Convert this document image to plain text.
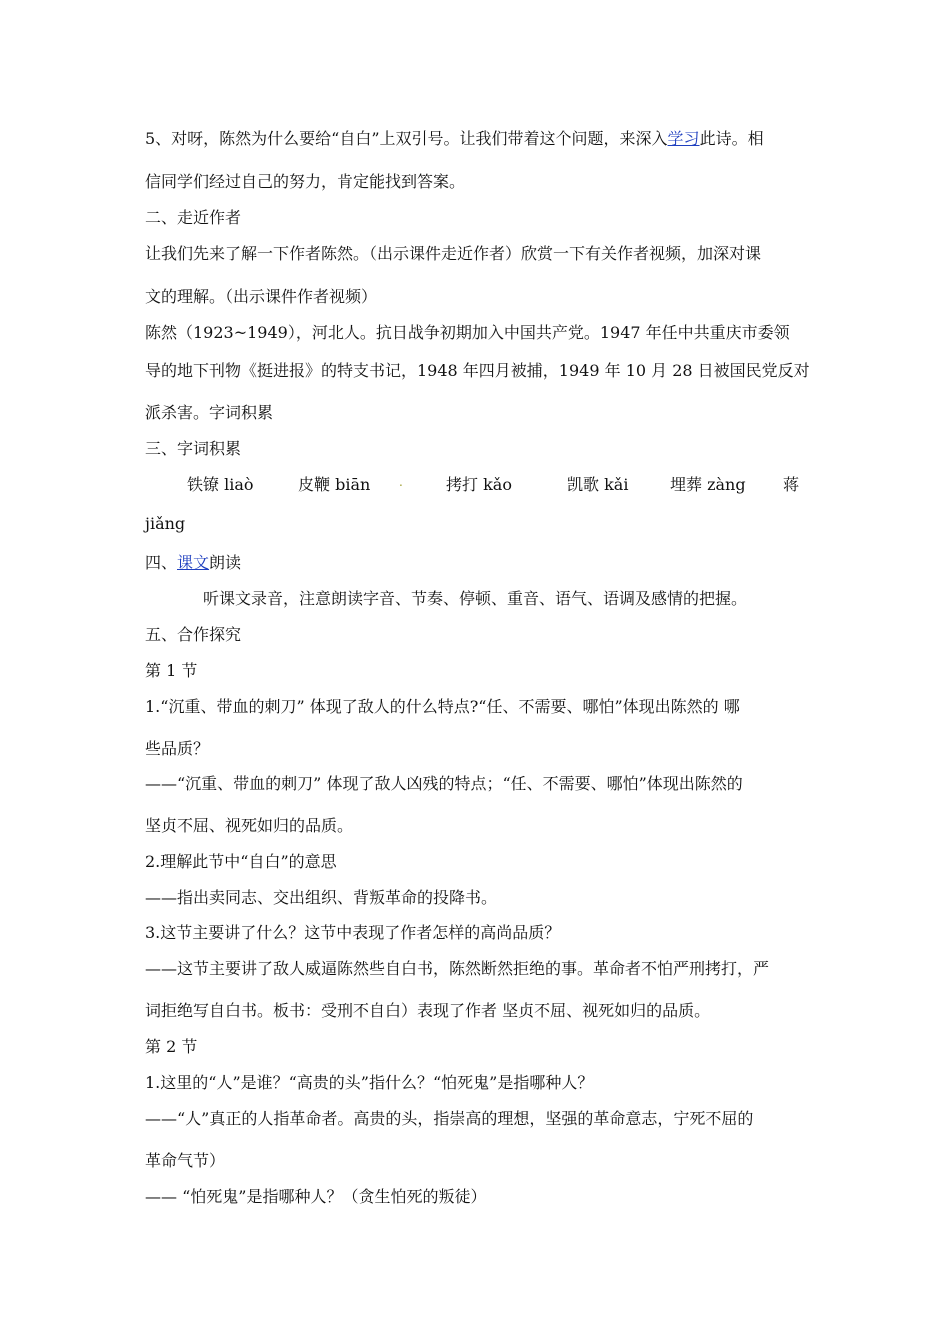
5、对呀，陈然为什么要给“自白”上双引号。让我们带着这个问题，来深入学习此诗。相
信同学们经过自己的努力，肯定能找到答案。
二、走近作者
让我们先来了解一下作者陈然。（出示课件走近作者）欣赏一下有关作者视频，加深对课
文的理解。（出示课件作者视频）
陈然（1923~1949），河北人。抗日战争初期加入中国共产党。1947 年任中共重庆市委领
导的地下刊物《挺进报》的特支书记，1948 年四月被捕，1949 年 10 月 28 日被国民党反对
派杀害。字词积累
三、字词积累
铁镣 liaò	皮鞭 biān .	拷打 kǎo	凯歌 kǎi	埋葬 zàng 蒋
jiǎng
四、课文朗读
听课文录音，注意朗读字音、节奏、停顿、重音、语气、语调及感情的把握。
五、合作探究
第 1 节
1.“沉重、带血的刺刀” 体现了敌人的什么特点?“任、不需要、哪怕”体现出陈然的 哪
些品质？
——“沉重、带血的刺刀” 体现了敌人凶残的特点；“任、不需要、哪怕”体现出陈然的
坚贞不屈、视死如归的品质。
2.理解此节中“自白”的意思
——指出卖同志、交出组织、背叛革命的投降书。
3.这节主要讲了什么？这节中表现了作者怎样的高尚品质？
——这节主要讲了敌人威逼陈然些自白书，陈然断然拒绝的事。革命者不怕严刑拷打，严
词拒绝写自白书。板书：受刑不自白）表现了作者 坚贞不屈、视死如归的品质。
第 2 节
1.这里的“人”是谁？“高贵的头”指什么？“怕死鬼”是指哪种人？
——“人”真正的人指革命者。高贵的头，指崇高的理想，坚强的革命意志，宁死不屈的
革命气节）
—— “怕死鬼”是指哪种人？（贪生怕死的叛徒）
